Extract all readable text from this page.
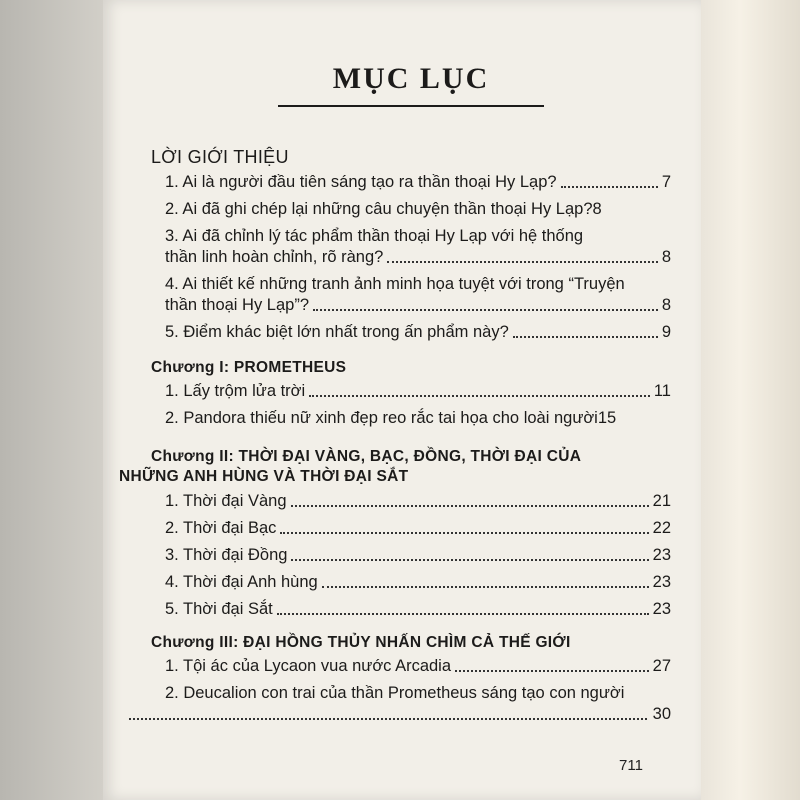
MỤC LỤC
LỜI GIỚI THIỆU
1. Ai là người đầu tiên sáng tạo ra thần thoại Hy Lạp?	7
2. Ai đã ghi chép lại những câu chuyện thần thoại Hy Lạp? 8
3. Ai đã chỉnh lý tác phẩm thần thoại Hy Lạp với hệ thống
thần linh hoàn chỉnh, rõ ràng?	8
4. Ai thiết kế những tranh ảnh minh họa tuyệt với trong “Truyện
thần thoại Hy Lạp”?	8
5. Điểm khác biệt lớn nhất trong ấn phẩm này?	9
Chương I: PROMETHEUS
1. Lấy trộm lửa trời	11
2. Pandora thiếu nữ xinh đẹp reo rắc tai họa cho loài người 15
Chương II: THỜI ĐẠI VÀNG, BẠC, ĐỒNG, THỜI ĐẠI CỦA
NHỮNG ANH HÙNG VÀ THỜI ĐẠI SẮT
1. Thời đại Vàng	21
2. Thời đại Bạc	22
3. Thời đại Đồng	23
4. Thời đại Anh hùng	23
5. Thời đại Sắt	23
Chương III: ĐẠI HỒNG THỦY NHẤN CHÌM CẢ THẾ GIỚI
1. Tội ác của Lycaon vua nước Arcadia	27
2. Deucalion con trai của thần Prometheus sáng tạo con người
30
711
